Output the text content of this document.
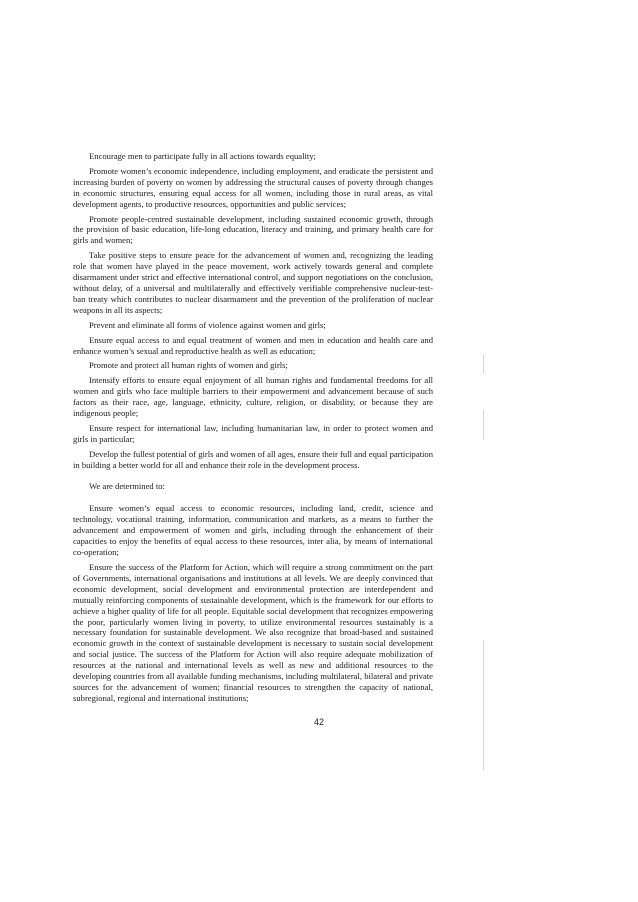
Encourage men to participate fully in all actions towards equality;

Promote women’s economic independence, including employment, and eradicate the persistent and increasing burden of poverty on women by addressing the structural causes of poverty through changes in economic structures, ensuring equal access for all women, including those in rural areas, as vital development agents, to productive resources, opportunities and public services;

Promote people-centred sustainable development, including sustained economic growth, through the provision of basic education, life-long education, literacy and training, and primary health care for girls and women;

Take positive steps to ensure peace for the advancement of women and, recognizing the leading role that women have played in the peace movement, work actively towards general and complete disarmament under strict and effective international control, and support negotiations on the conclusion, without delay, of a universal and multilaterally and effectively verifiable comprehensive nuclear-test-ban treaty which contributes to nuclear disarmament and the prevention of the proliferation of nuclear weapons in all its aspects;

Prevent and eliminate all forms of violence against women and girls;

Ensure equal access to and equal treatment of women and men in education and health care and enhance women’s sexual and reproductive health as well as education;

Promote and protect all human rights of women and girls;

Intensify efforts to ensure equal enjoyment of all human rights and fundamental freedoms for all women and girls who face multiple barriers to their empowerment and advancement because of such factors as their race, age, language, ethnicity, culture, religion, or disability, or because they are indigenous people;

Ensure respect for international law, including humanitarian law, in order to protect women and girls in particular;

Develop the fullest potential of girls and women of all ages, ensure their full and equal participation in building a better world for all and enhance their role in the development process.

We are determined to:

Ensure women’s equal access to economic resources, including land, credit, science and technology, vocational training, information, communication and markets, as a means to further the advancement and empowerment of women and girls, including through the enhancement of their capacities to enjoy the benefits of equal access to these resources, inter alia, by means of international co-operation;

Ensure the success of the Platform for Action, which will require a strong commitment on the part of Governments, international organisations and institutions at all levels. We are deeply convinced that economic development, social development and environmental protection are interdependent and mutually reinforcing components of sustainable development, which is the framework for our efforts to achieve a higher quality of life for all people. Equitable social development that recognizes empowering the poor, particularly women living in poverty, to utilize environmental resources sustainably is a necessary foundation for sustainable development. We also recognize that broad-based and sustained economic growth in the context of sustainable development is necessary to sustain social development and social justice. The success of the Platform for Action will also require adequate mobilization of resources at the national and international levels as well as new and additional resources to the developing countries from all available funding mechanisms, including multilateral, bilateral and private sources for the advancement of women; financial resources to strengthen the capacity of national, subregional, regional and international institutions;

42
